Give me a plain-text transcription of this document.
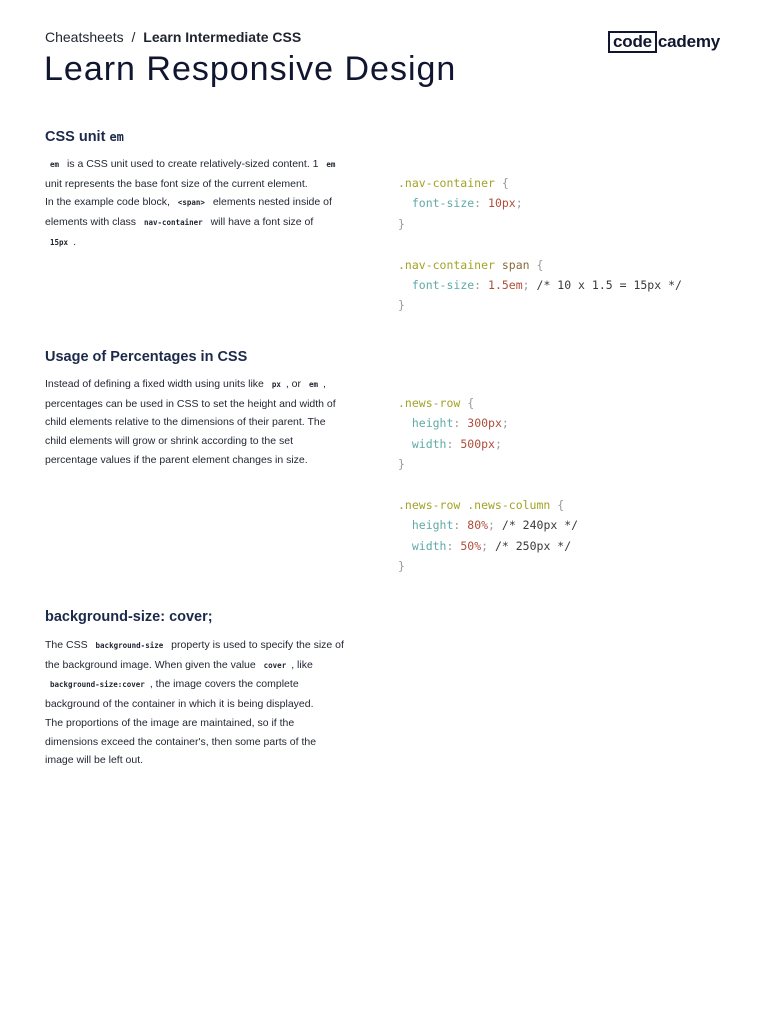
Cheatsheets / Learn Intermediate CSS	code cademy
Learn Responsive Design
CSS unit em

em is a CSS unit used to create relatively-sized content. 1 em unit represents the base font size of the current element.

In the example code block, <span> elements nested inside of elements with class nav-container will have a font size of 15px .

Usage of Percentages in CSS

Instead of defining a fixed width using units like px , or em , percentages can be used in CSS to set the height and width of child elements relative to the dimensions of their parent. The child elements will grow or shrink according to the set percentage values if the parent element changes in size.

background-size: cover;

The CSS background-size property is used to specify the size of the background image. When given the value cover , like background-size:cover , the image covers the complete background of the container in which it is being displayed.

The proportions of the image are maintained, so if the dimensions exceed the container's, then some parts of the image will be left out.

.nav-container {
font-size: 10px;
}
.nav-container span {
font-size: 1.5em; /* 10 x 1.5 = 15px */
}
.news-row {
height: 300px;
width: 500px;
}
.news-row .news-column {
height: 80%; /* 240px */
width: 50%; /* 250px */
}
